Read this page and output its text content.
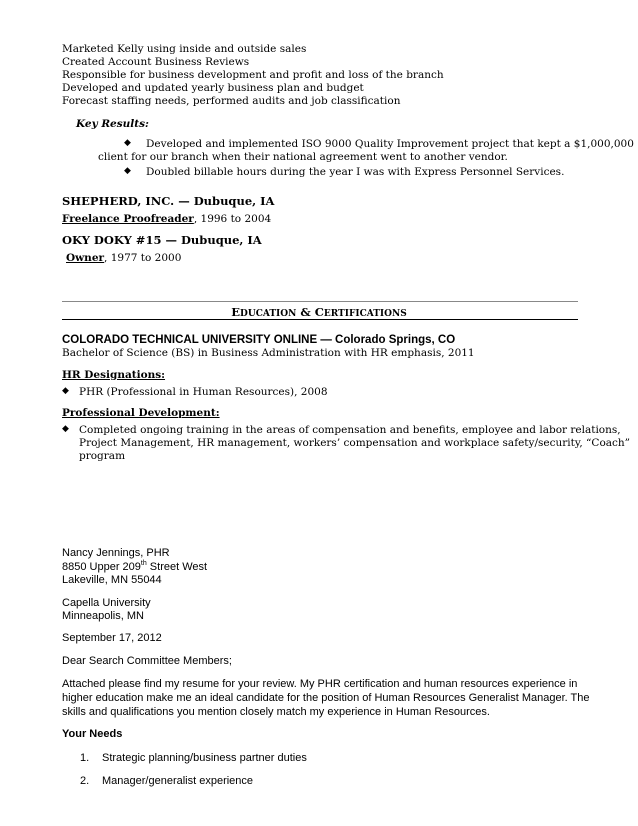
Marketed Kelly using inside and outside sales
Created Account Business Reviews
Responsible for business development and profit and loss of the branch
Developed and updated yearly business plan and budget
Forecast staffing needs, performed audits and job classification
Key Results:
◆ Developed and implemented ISO 9000 Quality Improvement project that kept a $1,000,000
client for our branch when their national agreement went to another vendor.
◆ Doubled billable hours during the year I was with Express Personnel Services.
SHEPHERD, INC. — Dubuque, IA
Freelance Proofreader, 1996 to 2004
OKY DOKY #15 — Dubuque, IA
Owner, 1977 to 2000
EDUCATION & CERTIFICATIONS
COLORADO TECHNICAL UNIVERSITY ONLINE — Colorado Springs, CO
Bachelor of Science (BS) in Business Administration with HR emphasis, 2011
HR Designations:
◆ PHR (Professional in Human Resources), 2008
Professional Development:
◆ Completed ongoing training in the areas of compensation and benefits, employee and labor relations,
Project Management, HR management, workers’ compensation and workplace safety/security, “Coach”
program
Nancy Jennings, PHR
8850 Upper 209th Street West
Lakeville, MN 55044
Capella University
Minneapolis, MN
September 17, 2012
Dear Search Committee Members;
Attached please find my resume for your review. My PHR certification and human resources experience in
higher education make me an ideal candidate for the position of Human Resources Generalist Manager. The
skills and qualifications you mention closely match my experience in Human Resources.
Your Needs
1. Strategic planning/business partner duties
2. Manager/generalist experience
